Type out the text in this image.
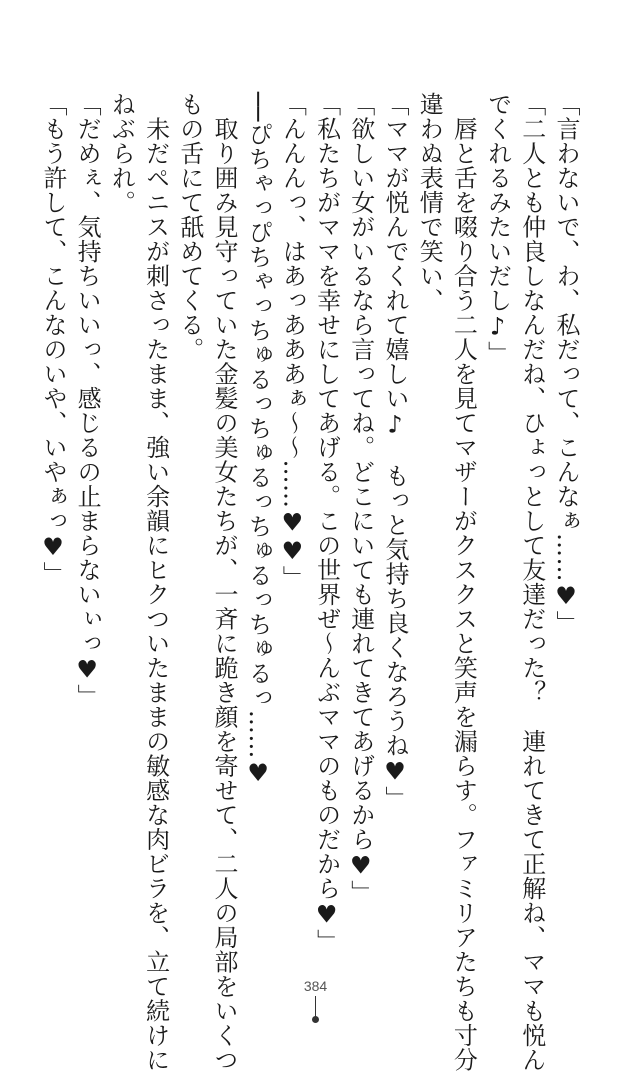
「言わないで、わ、私だって、こんなぁ……♥」
「二人とも仲良しなんだね、ひょっとして友達だった？　連れてきて正解ね、ママも悦ん
でくれるみたいだし♪」
　唇と舌を啜り合う二人を見てマザーがクスクスと笑声を漏らす。ファミリアたちも寸分
違わぬ表情で笑い、
「ママが悦んでくれて嬉しい♪　もっと気持ち良くなろうね♥」
「欲しい女がいるなら言ってね。どこにいても連れてきてあげるから♥」
「私たちがママを幸せにしてあげる。この世界ぜ〜んぶママのものだから♥」
「んんんっ、はあっあああぁ〜〜……♥♥」
──ぴちゃっぴちゃっちゅるっちゅるっちゅるっちゅるっ……♥
　取り囲み見守っていた金髪の美女たちが、一斉に跪き顔を寄せて、二人の局部をいくつ
もの舌にて舐めてくる。
　未だペニスが刺さったまま、強い余韻にヒクついたままの敏感な肉ビラを、立て続けに
ねぶられ。
「だめぇ、気持ちいいっ、感じるの止まらないぃっ♥」
「もう許して、こんなのいや、いやぁっ♥」
384
